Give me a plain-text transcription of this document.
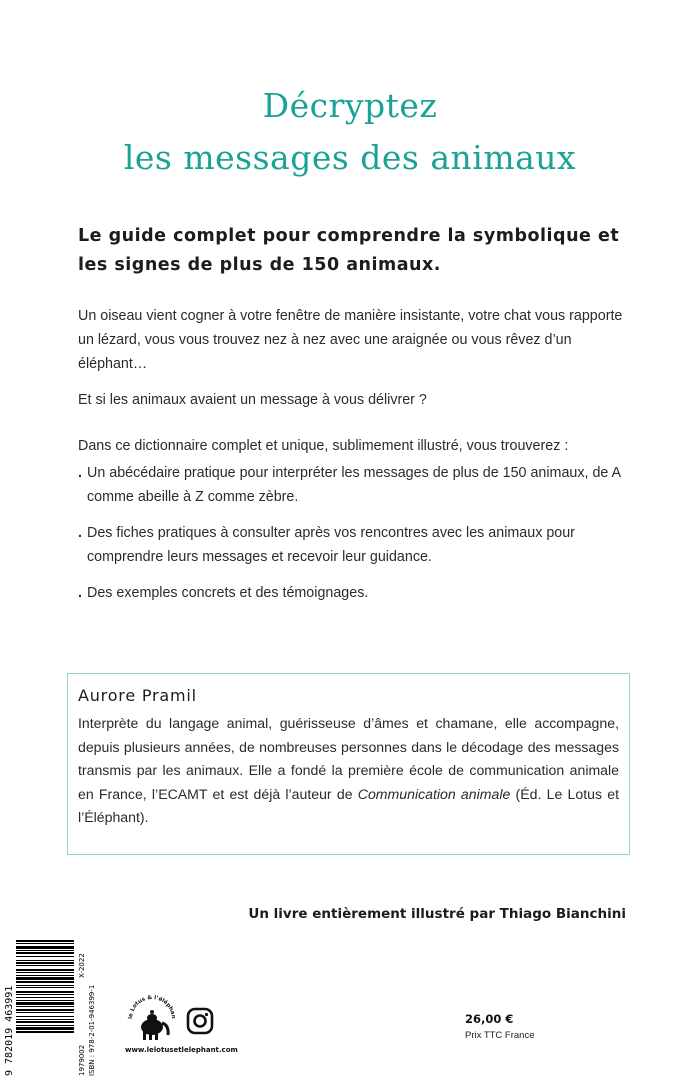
Décryptez
les messages des animaux
Le guide complet pour comprendre la symbolique et les signes de plus de 150 animaux.

Un oiseau vient cogner à votre fenêtre de manière insistante, votre chat vous rapporte un lézard, vous vous trouvez nez à nez avec une araignée ou vous rêvez d’un éléphant…

Et si les animaux avaient un message à vous délivrer ?

Dans ce dictionnaire complet et unique, sublimement illustré, vous trouverez :

. Un abécédaire pratique pour interpréter les messages de plus de 150 animaux, de A comme abeille à Z comme zèbre.
. Des fiches pratiques à consulter après vos rencontres avec les animaux pour comprendre leurs messages et recevoir leur guidance.
. Des exemples concrets et des témoignages.
Aurore Pramil
Interprète du langage animal, guérisseuse d’âmes et chamane, elle accompagne, depuis plusieurs années, de nombreuses personnes dans le décodage des messages transmis par les animaux. Elle a fondé la première école de communication animale en France, l’ECAMT et est déjà l’auteur de Communication animale (Éd. Le Lotus et l’Éléphant).
Un livre entièrement illustré par Thiago Bianchini
9 782019 463991	1979002
X-2022
ISBN : 978-2-01-946399-1	le Lotus & l’éléphan
www.lelotusetlelephant.com
26,00 €
Prix TTC France
